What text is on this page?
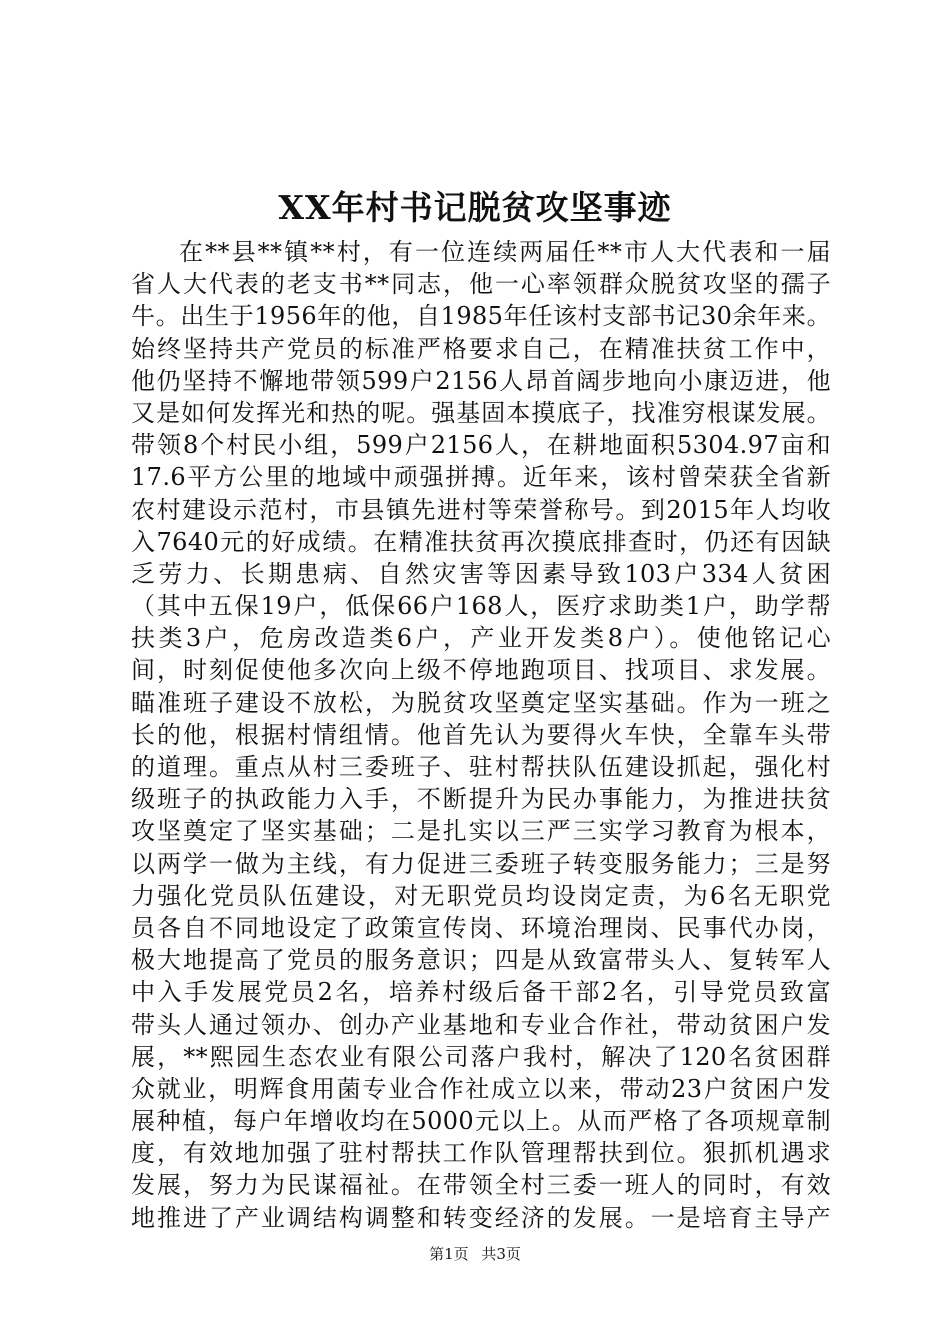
XX年村书记脱贫攻坚事迹
在**县**镇**村，有一位连续两届任**市人大代表和一届
省人大代表的老支书**同志，他一心率领群众脱贫攻坚的孺子
牛。出生于1956年的他，自1985年任该村支部书记30余年来。
始终坚持共产党员的标准严格要求自己，在精准扶贫工作中，
他仍坚持不懈地带领599户2156人昂首阔步地向小康迈进，他
又是如何发挥光和热的呢。强基固本摸底子，找准穷根谋发展。
带领8个村民小组，599户2156人，在耕地面积5304.97亩和
17.6平方公里的地域中顽强拼搏。近年来，该村曾荣获全省新
农村建设示范村，市县镇先进村等荣誉称号。到2015年人均收
入7640元的好成绩。在精准扶贫再次摸底排查时，仍还有因缺
乏劳力、长期患病、自然灾害等因素导致103户334人贫困
（其中五保19户，低保66户168人，医疗求助类1户，助学帮
扶类3户，危房改造类6户，产业开发类8户）。使他铭记心
间，时刻促使他多次向上级不停地跑项目、找项目、求发展。
瞄准班子建设不放松，为脱贫攻坚奠定坚实基础。作为一班之
长的他，根据村情组情。他首先认为要得火车快，全靠车头带
的道理。重点从村三委班子、驻村帮扶队伍建设抓起，强化村
级班子的执政能力入手，不断提升为民办事能力，为推进扶贫
攻坚奠定了坚实基础；二是扎实以三严三实学习教育为根本，
以两学一做为主线，有力促进三委班子转变服务能力；三是努
力强化党员队伍建设，对无职党员均设岗定责，为6名无职党
员各自不同地设定了政策宣传岗、环境治理岗、民事代办岗，
极大地提高了党员的服务意识；四是从致富带头人、复转军人
中入手发展党员2名，培养村级后备干部2名，引导党员致富
带头人通过领办、创办产业基地和专业合作社，带动贫困户发
展，**熙园生态农业有限公司落户我村，解决了120名贫困群
众就业，明辉食用菌专业合作社成立以来，带动23户贫困户发
展种植，每户年增收均在5000元以上。从而严格了各项规章制
度，有效地加强了驻村帮扶工作队管理帮扶到位。狠抓机遇求
发展，努力为民谋福祉。在带领全村三委一班人的同时，有效
地推进了产业调结构调整和转变经济的发展。一是培育主导产
第1页 共3页
